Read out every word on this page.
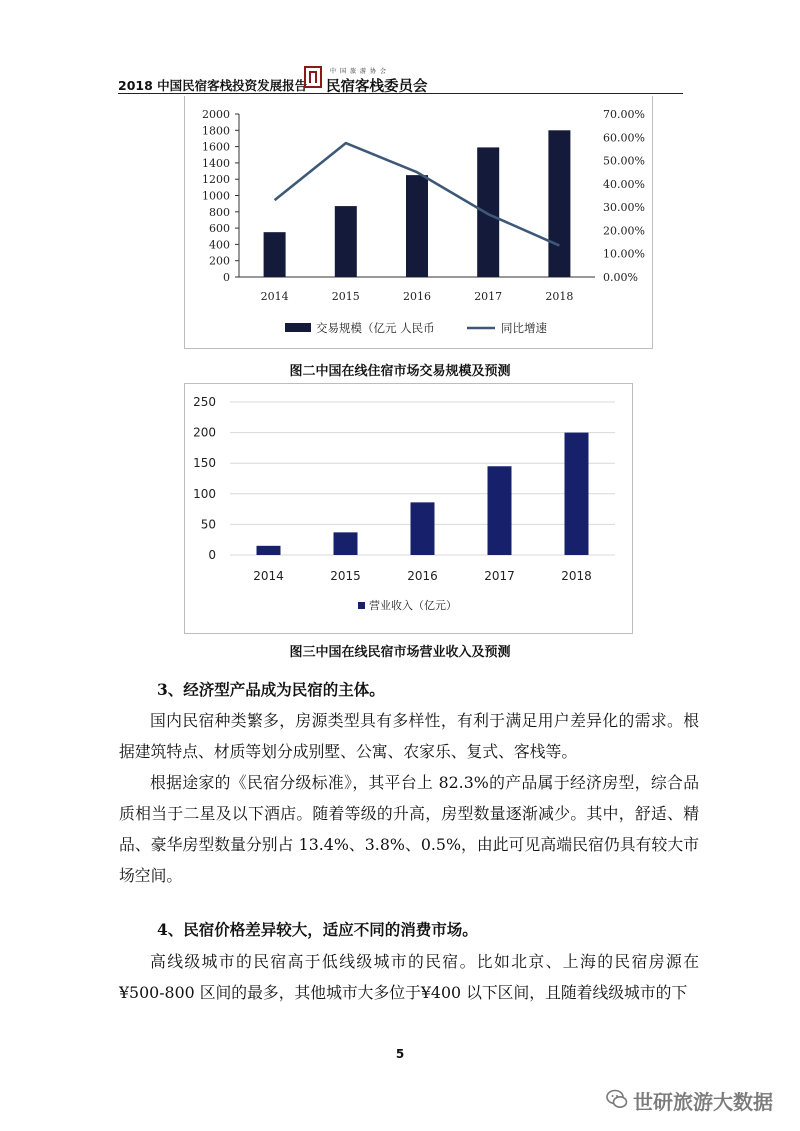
2018 中国民宿客栈投资发展报告
中国旅游协会
民宿客栈委员会
0
200
400
600
800
1000
1200
1400
1600
1800
2000
0.00%
10.00%
20.00%
30.00%
40.00%
50.00%
60.00%
70.00%
2014	2015	2016	2017	2018
交易规模（亿元 人民币	同比增速
图二中国在线住宿市场交易规模及预测
0
50
100
150
200
250
2014	2015	2016	2017	2018
营业收入（亿元）
图三中国在线民宿市场营业收入及预测
3、经济型产品成为民宿的主体。
国内民宿种类繁多，房源类型具有多样性，有利于满足用户差异化的需求。根据建筑特点、材质等划分成别墅、公寓、农家乐、复式、客栈等。
根据途家的《民宿分级标准》，其平台上 82.3%的产品属于经济房型，综合品质相当于二星及以下酒店。随着等级的升高，房型数量逐渐减少。其中，舒适、精品、豪华房型数量分别占 13.4%、3.8%、0.5%，由此可见高端民宿仍具有较大市场空间。
4、民宿价格差异较大，适应不同的消费市场。
高线级城市的民宿高于低线级城市的民宿。比如北京、上海的民宿房源在¥500-800 区间的最多，其他城市大多位于¥400 以下区间，且随着线级城市的下
5
世研旅游大数据
